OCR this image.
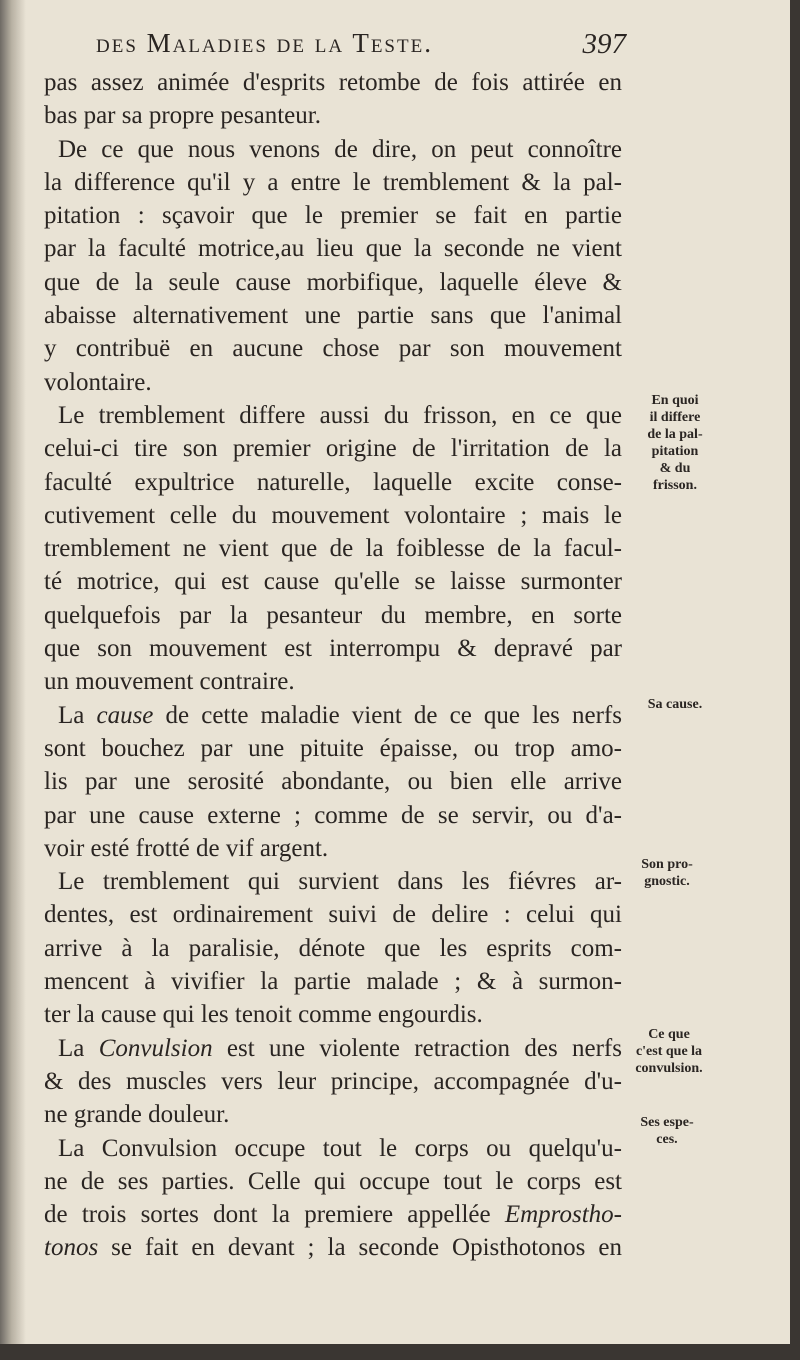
des Maladies de la Teste.	397
pas assez animée d'esprits retombe de fois attirée en
bas par sa propre pesanteur.
De ce que nous venons de dire, on peut connoître
la difference qu'il y a entre le tremblement & la pal-
pitation : sçavoir que le premier se fait en partie
par la faculté motrice,au lieu que la seconde ne vient
que de la seule cause morbifique, laquelle éleve &
abaisse alternativement une partie sans que l'animal
y contribuë en aucune chose par son mouvement
volontaire.
Le tremblement differe aussi du frisson, en ce que
celui-ci tire son premier origine de l'irritation de la
faculté expultrice naturelle, laquelle excite conse-
cutivement celle du mouvement volontaire ; mais le
tremblement ne vient que de la foiblesse de la facul-
té motrice, qui est cause qu'elle se laisse surmonter
quelquefois par la pesanteur du membre, en sorte
que son mouvement est interrompu & depravé par
un mouvement contraire.
La cause de cette maladie vient de ce que les nerfs
sont bouchez par une pituite épaisse, ou trop amo-
lis par une serosité abondante, ou bien elle arrive
par une cause externe ; comme de se servir, ou d'a-
voir esté frotté de vif argent.
Le tremblement qui survient dans les fiévres ar-
dentes, est ordinairement suivi de delire : celui qui
arrive à la paralisie, dénote que les esprits com-
mencent à vivifier la partie malade ; & à surmon-
ter la cause qui les tenoit comme engourdis.
La Convulsion est une violente retraction des nerfs
& des muscles vers leur principe, accompagnée d'u-
ne grande douleur.
La Convulsion occupe tout le corps ou quelqu'u-
ne de ses parties. Celle qui occupe tout le corps est
de trois sortes dont la premiere appellée Emprostho-
tonos se fait en devant ; la seconde Opisthotonos en
En quoi
il differe
de la pal-
pitation
& du
frisson.
Sa cause.
Son pro-
gnostic.
Ce que
c'est que la
convulsion.
Ses espe-
ces.
